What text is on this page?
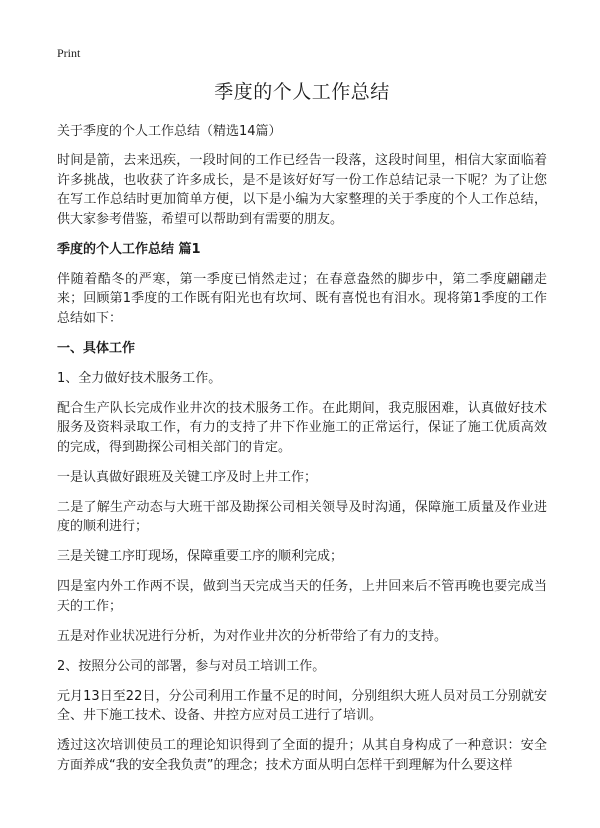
Print
季度的个人工作总结
关于季度的个人工作总结（精选14篇）

时间是箭，去来迅疾，一段时间的工作已经告一段落，这段时间里，相信大家面临着许多挑战，也收获了许多成长，是不是该好好写一份工作总结记录一下呢？为了让您在写工作总结时更加简单方便，以下是小编为大家整理的关于季度的个人工作总结，供大家参考借鉴，希望可以帮助到有需要的朋友。

季度的个人工作总结 篇1

伴随着酷冬的严寒，第一季度已悄然走过；在春意盎然的脚步中，第二季度翩翩走来；回顾第1季度的工作既有阳光也有坎坷、既有喜悦也有泪水。现将第1季度的工作总结如下：

一、具体工作

1、全力做好技术服务工作。

配合生产队长完成作业井次的技术服务工作。在此期间，我克服困难，认真做好技术服务及资料录取工作，有力的支持了井下作业施工的正常运行，保证了施工优质高效的完成，得到勘探公司相关部门的肯定。

一是认真做好跟班及关键工序及时上井工作；

二是了解生产动态与大班干部及勘探公司相关领导及时沟通，保障施工质量及作业进度的顺利进行；

三是关键工序盯现场，保障重要工序的顺利完成；

四是室内外工作两不误，做到当天完成当天的任务，上井回来后不管再晚也要完成当天的工作；

五是对作业状况进行分析，为对作业井次的分析带给了有力的支持。

2、按照分公司的部署，参与对员工培训工作。

元月13日至22日，分公司利用工作量不足的时间，分别组织大班人员对员工分别就安全、井下施工技术、设备、井控方应对员工进行了培训。

透过这次培训使员工的理论知识得到了全面的提升；从其自身构成了一种意识：安全方面养成“我的安全我负责”的理念；技术方面从明白怎样干到理解为什么要这样
